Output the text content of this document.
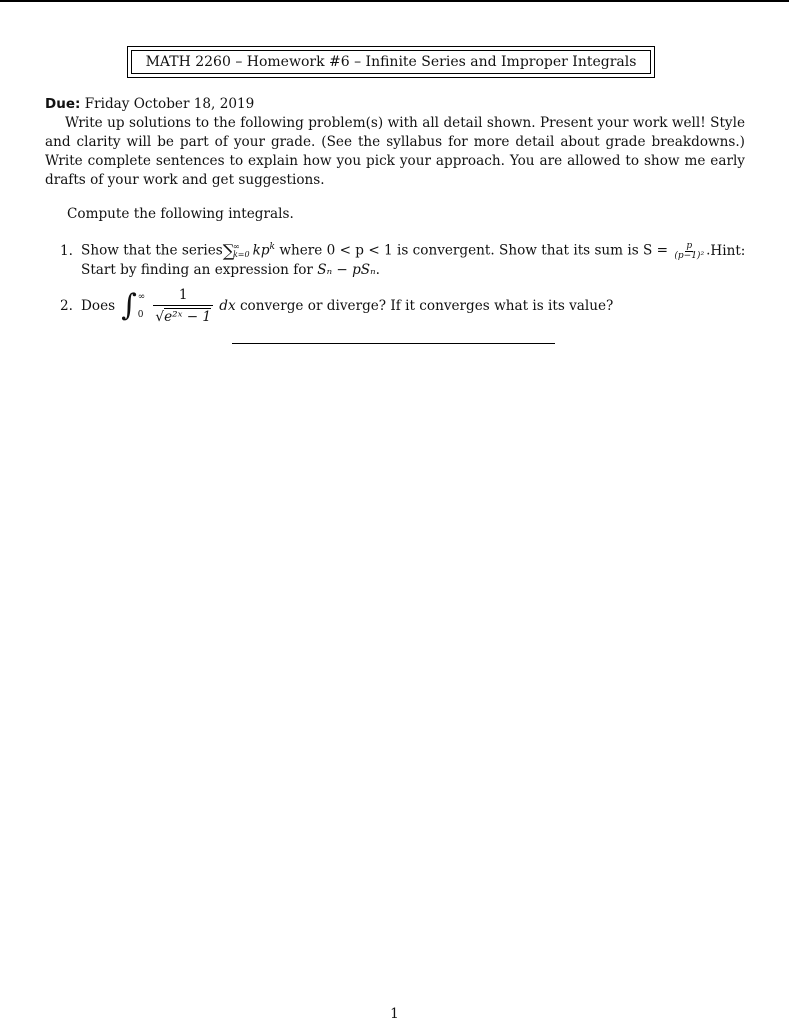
MATH 2260 – Homework #6 – Infinite Series and Improper Integrals
Due: Friday October 18, 2019
Write up solutions to the following problem(s) with all detail shown. Present your work well! Style and clarity will be part of your grade. (See the syllabus for more detail about grade breakdowns.) Write complete sentences to explain how you pick your approach. You are allowed to show me early drafts of your work and get suggestions.
Compute the following integrals.
1. Show that the series∑
∞
k=0 $kp^k$ where 0 < p < 1 is convergent. Show that its sum is $S = \frac{p}{\text{(p−1)²}}$ . Hint:
Start by finding an expression for Sₙ − pSₙ.
2. Does ∫ ∞
$0 \frac{1}{\text{√e²ˣ − 1}}$ dx converge or diverge? If it converges what is its value?
1
